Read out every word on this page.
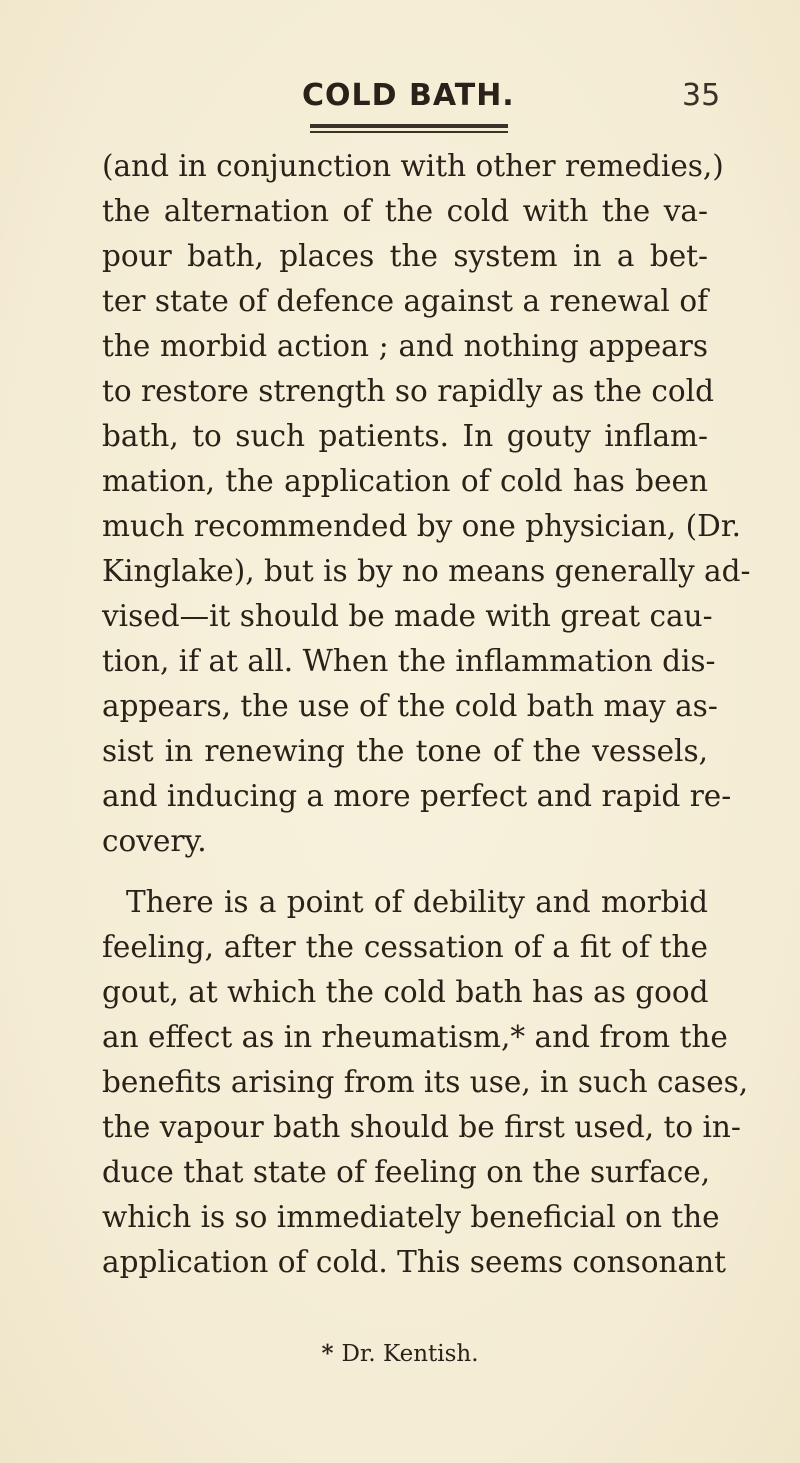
COLD BATH.	35
(and in conjunction with other remedies,)
the alternation of the cold with the va-
pour bath, places the system in a bet-
ter state of defence against a renewal of
the morbid action ; and nothing appears
to restore strength so rapidly as the cold
bath, to such patients. In gouty inflam-
mation, the application of cold has been
much recommended by one physician, (Dr.
Kinglake), but is by no means generally ad-
vised—it should be made with great cau-
tion, if at all. When the inflammation dis-
appears, the use of the cold bath may as-
sist in renewing the tone of the vessels,
and inducing a more perfect and rapid re-
covery.
There is a point of debility and morbid
feeling, after the cessation of a fit of the
gout, at which the cold bath has as good
an effect as in rheumatism,* and from the
benefits arising from its use, in such cases,
the vapour bath should be first used, to in-
duce that state of feeling on the surface,
which is so immediately beneficial on the
application of cold. This seems consonant
* Dr. Kentish.
